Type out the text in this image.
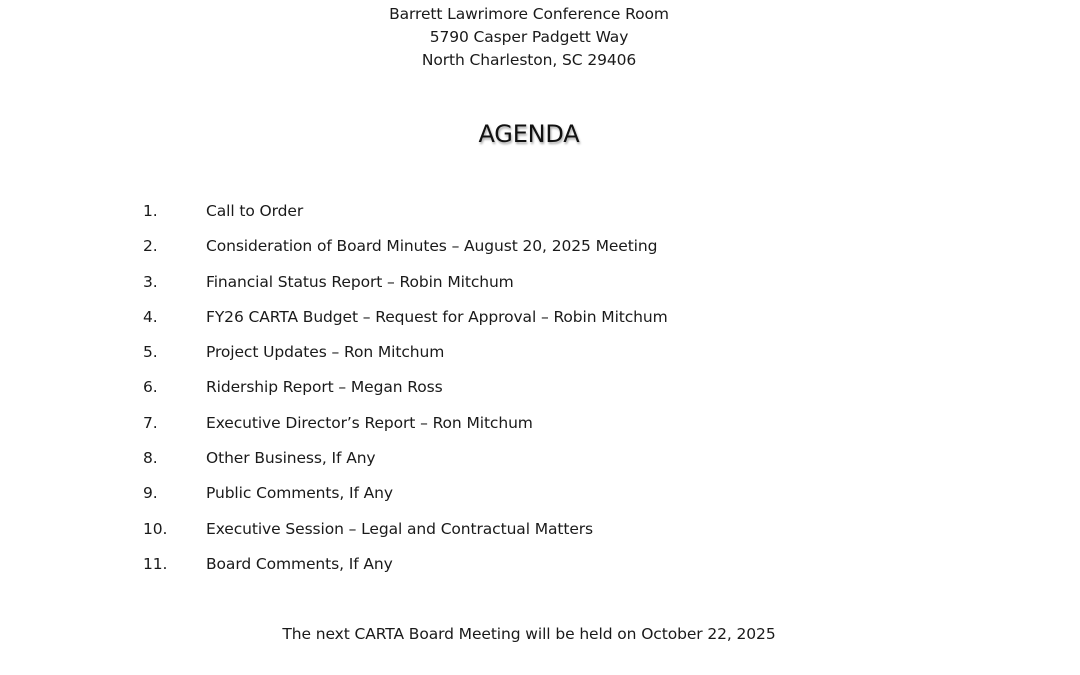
Barrett Lawrimore Conference Room
5790 Casper Padgett Way
North Charleston, SC 29406
AGENDA
1.	Call to Order
2.	Consideration of Board Minutes – August 20, 2025 Meeting
3.	Financial Status Report – Robin Mitchum
4.	FY26 CARTA Budget – Request for Approval – Robin Mitchum
5.	Project Updates – Ron Mitchum
6.	Ridership Report – Megan Ross
7.	Executive Director’s Report – Ron Mitchum
8.	Other Business, If Any
9.	Public Comments, If Any
10. Executive Session – Legal and Contractual Matters
11. Board Comments, If Any
The next CARTA Board Meeting will be held on October 22, 2025
